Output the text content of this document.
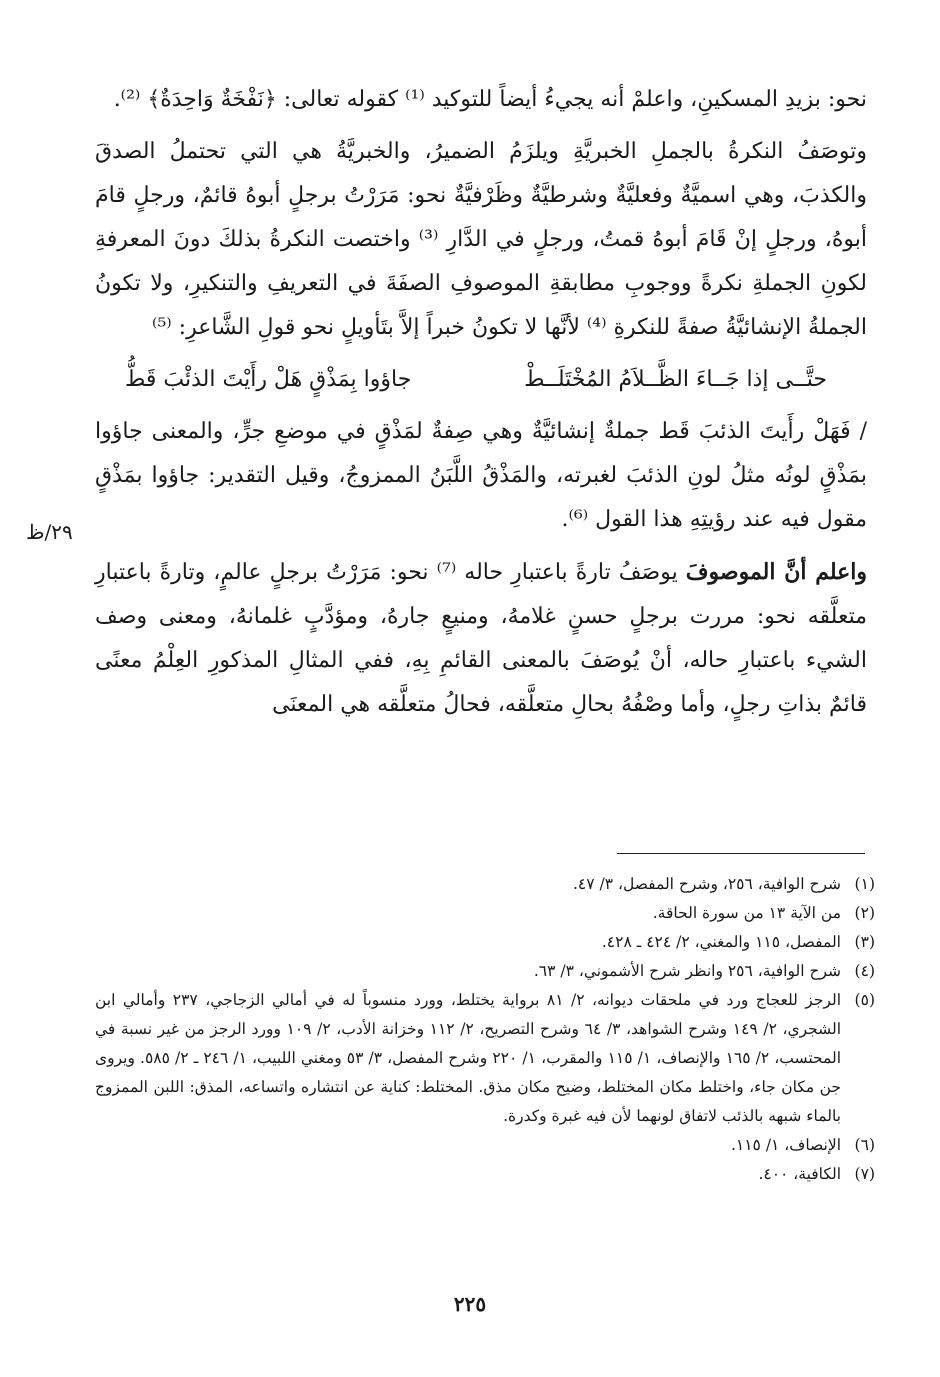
نحو: بزيدِ المسكينِ، واعلمْ أنه يجيءُ أيضاً للتوكيد ⁽¹⁾ كقوله تعالى: ﴿نَفْخَةٌ وَاحِدَةٌ﴾ ⁽²⁾.

وتوصَفُ النكرةُ بالجملِ الخبريَّةِ ويلزَمُ الضميرُ، والخبريَّةُ هي التي تحتملُ الصدقَ والكذبَ، وهي اسميَّةٌ وفعليَّةٌ وشرطيَّةٌ وظَرْفيَّةٌ نحو: مَرَرْتُ برجلٍ أبوهُ قائمٌ، ورجلٍ قامَ أبوهُ، ورجلٍ إنْ قَامَ أبوهُ قمتُ، ورجلٍ في الدَّارِ ⁽³⁾ واختصت النكرةُ بذلكَ دونَ المعرفةِ لكونِ الجملةِ نكرةً ووجوبِ مطابقةِ الموصوفِ الصفَةَ في التعريفِ والتنكيرِ، ولا تكونُ الجملةُ الإنشائيَّةُ صفةً للنكرةِ ⁽⁴⁾ لأنَّها لا تكونُ خبراً إلاَّ بتَأويلٍ نحو قولِ الشَّاعرِ: ⁽⁵⁾

حتَّــى إذا جَــاءَ الظَّــلاَمُ المُخْتَلَــطْ
جاؤوا بِمَذْقٍ هَلْ رأَيْتَ الذئْبَ قَطُّ

/ فَهَلْ رأَيتَ الذئبَ قَط جملةٌ إنشائيَّةٌ وهي صِفةٌ لمَذْقٍ في موضعِ جرٍّ، والمعنى جاؤوا بمَذْقٍ لونُه مثلُ لونِ الذئبَ لغبرته، والمَذْقُ اللَّبَنُ الممزوجُ، وقيل التقدير: جاؤوا بمَذْقٍ مقول فيه عند رؤيتِهِ هذا القول ⁽⁶⁾.

واعلم أنَّ الموصوفَ يوصَفُ تارةً باعتبارِ حاله ⁽⁷⁾ نحو: مَرَرْتُ برجلٍ عالمٍ، وتارةً باعتبارِ متعلَّقه نحو: مررت برجلٍ حسنٍ غلامهُ، ومنيعٍ جارهُ، ومؤدَّبٍ غلمانهُ، ومعنى وصف الشيء باعتبارِ حاله، أنْ يُوصَفَ بالمعنى القائمِ بِهِ، ففي المثالِ المذكورِ العِلْمُ معنًى قائمٌ بذاتِ رجلٍ، وأما وصْفُهُ بحالِ متعلَّقه، فحالُ متعلَّقه هي المعنَى

٢٩/ظ
(١)
شرح الوافية، ٢٥٦، وشرح المفصل، ٣/ ٤٧.
(٢)
من الآية ١٣ من سورة الحاقة.
(٣)
المفصل، ١١٥ والمغني، ٢/ ٤٢٤ ـ ٤٢٨.
(٤)
شرح الوافية، ٢٥٦ وانظر شرح الأشموني، ٣/ ٦٣.
(٥)
الرجز للعجاج ورد في ملحقات ديوانه، ٢/ ٨١ برواية يختلط، وورد منسوباً له في أمالي الزجاجي، ٢٣٧ وأمالي ابن الشجري، ٢/ ١٤٩ وشرح الشواهد، ٣/ ٦٤ وشرح التصريح، ٢/ ١١٢ وخزانة الأدب، ٢/ ١٠٩ وورد الرجز من غير نسبة في المحتسب، ٢/ ١٦٥ والإنصاف، ١/ ١١٥ والمقرب، ١/ ٢٢٠ وشرح المفصل، ٣/ ٥٣ ومغني اللبيب، ١/ ٢٤٦ ـ ٢/ ٥٨٥. ويروى جن مكان جاء، واختلط مكان المختلط، وضيح مكان مذق. المختلط: كناية عن انتشاره واتساعه، المذق: اللبن الممزوج بالماء شبهه بالذئب لاتفاق لونهما لأن فيه غبرة وكدرة.
(٦)
الإنصاف، ١/ ١١٥.
(٧)
الكافية، ٤٠٠.
٢٢٥
